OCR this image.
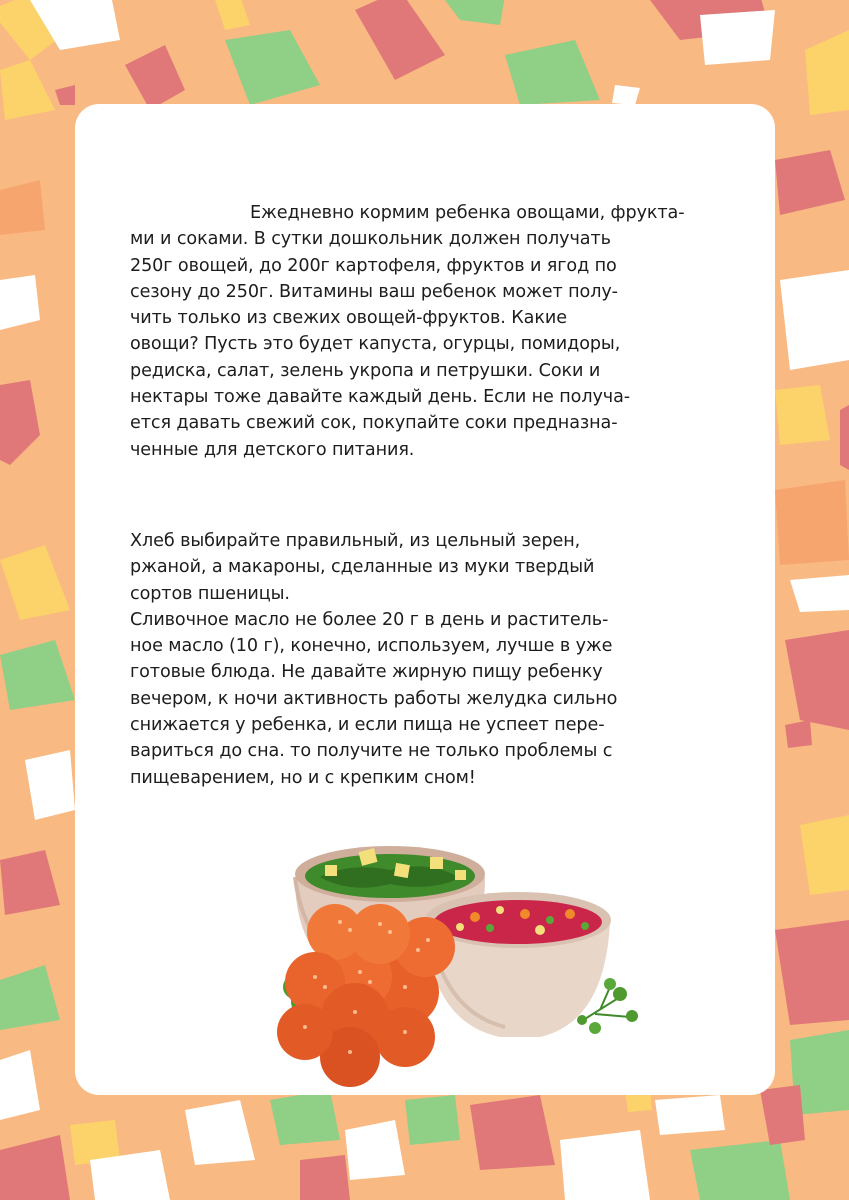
Ежедневно кормим ребенка овощами, фрукта-
ми и соками. В сутки дошкольник должен получать
250г овощей, до 200г картофеля, фруктов и ягод по
сезону до 250г. Витамины ваш ребенок может полу-
чить только из свежих овощей-фруктов. Какие
овощи? Пусть это будет капуста, огурцы, помидоры,
редиска, салат, зелень укропа и петрушки. Соки и
нектары тоже давайте каждый день. Если не получа-
ется давать свежий сок, покупайте соки предназна-
ченные для детского питания.
Хлеб выбирайте правильный, из цельный зерен,
ржаной, а макароны, сделанные из муки твердый
сортов пшеницы.
Сливочное масло не более 20 г в день и раститель-
ное масло (10 г), конечно, используем, лучше в уже
готовые блюда. Не давайте жирную пищу ребенку
вечером, к ночи активность работы желудка сильно
снижается у ребенка, и если пища не успеет пере-
вариться до сна. то получите не только проблемы с
пищеварением, но и с крепким сном!
